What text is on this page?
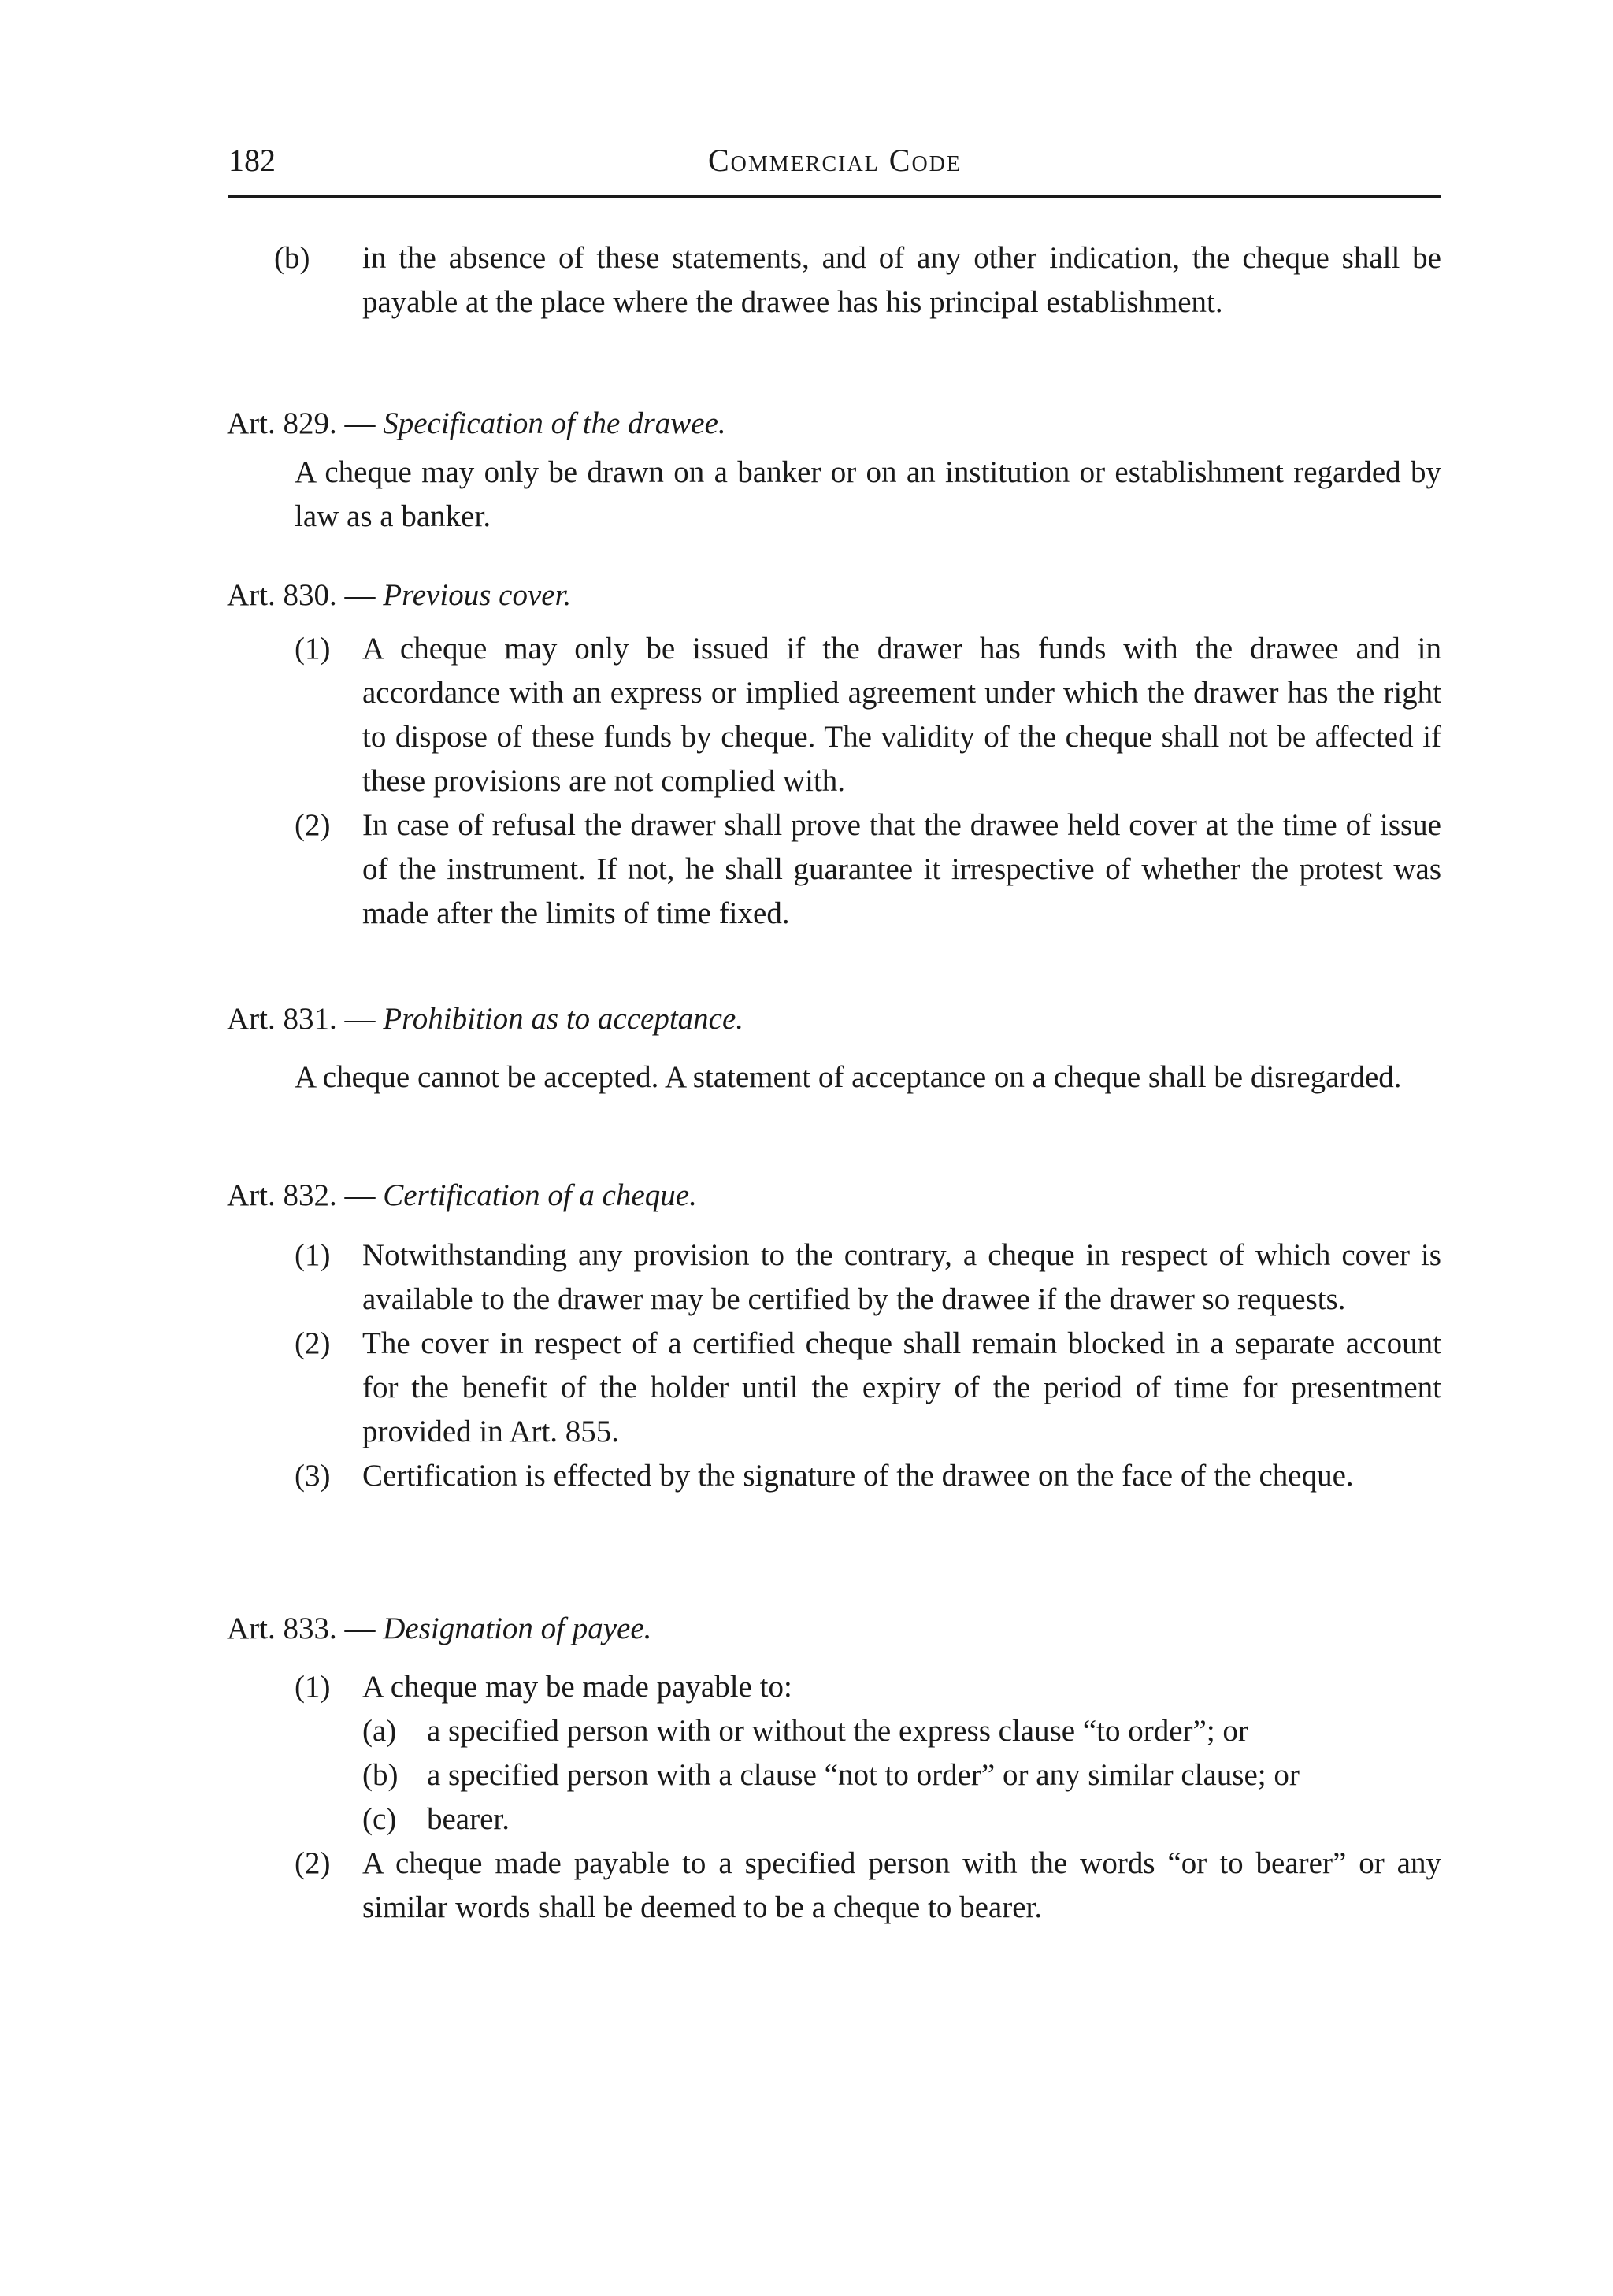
182	Commercial Code
(b) in the absence of these statements, and of any other indication, the cheque shall be payable at the place where the drawee has his principal establishment.
Art. 829. — Specification of the drawee.
A cheque may only be drawn on a banker or on an institution or establishment regarded by law as a banker.
Art. 830. — Previous cover.
(1) A cheque may only be issued if the drawer has funds with the drawee and in accordance with an express or implied agreement under which the drawer has the right to dispose of these funds by cheque. The validity of the cheque shall not be affected if these provisions are not complied with.
(2) In case of refusal the drawer shall prove that the drawee held cover at the time of issue of the instrument. If not, he shall guarantee it irrespective of whether the protest was made after the limits of time fixed.
Art. 831. — Prohibition as to acceptance.
A cheque cannot be accepted. A statement of acceptance on a cheque shall be disregarded.
Art. 832. — Certification of a cheque.
(1) Notwithstanding any provision to the contrary, a cheque in respect of which cover is available to the drawer may be certified by the drawee if the drawer so requests.
(2) The cover in respect of a certified cheque shall remain blocked in a separate account for the benefit of the holder until the expiry of the period of time for presentment provided in Art. 855.
(3) Certification is effected by the signature of the drawee on the face of the cheque.
Art. 833. — Designation of payee.
(1) A cheque may be made payable to:
(a) a specified person with or without the express clause “to order”; or
(b) a specified person with a clause “not to order” or any similar clause; or
(c) bearer.
(2) A cheque made payable to a specified person with the words “or to bearer” or any similar words shall be deemed to be a cheque to bearer.
